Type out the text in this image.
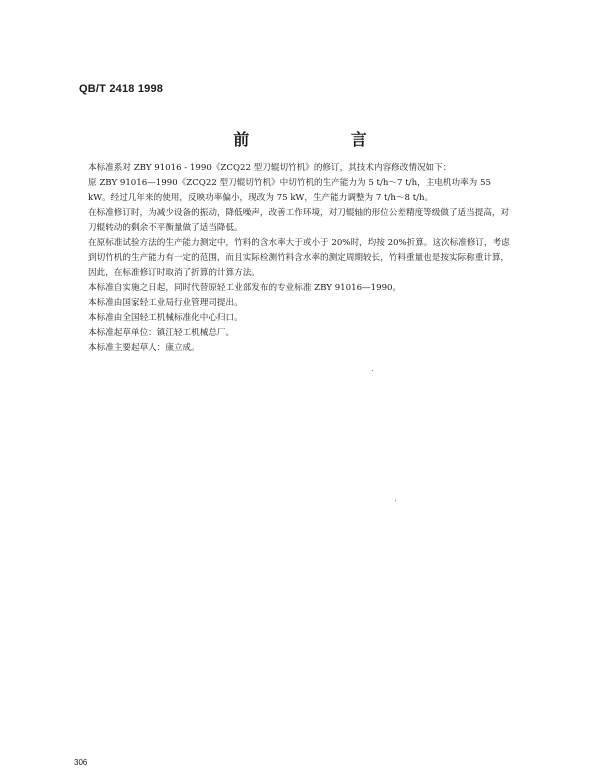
QB/T 2418 1998
前 言

本标准系对 ZBY 91016 - 1990《ZCQ22 型刀辊切竹机》的修订，其技术内容修改情况如下：

原 ZBY 91016—1990《ZCQ22 型刀辊切竹机》中切竹机的生产能力为 5 t/h～7 t/h，主电机功率为 55 kW。经过几年来的使用，反映功率偏小，现改为 75 kW，生产能力调整为 7 t/h～8 t/h。

在标准修订时，为减少设备的振动，降低噪声，改善工作环境，对刀辊轴的形位公差精度等级做了适当提高，对刀辊转动的剩余不平衡量做了适当降低。

在原标准试验方法的生产能力测定中，竹料的含水率大于或小于 20%时，均按 20%折算。这次标准修订，考虑到切竹机的生产能力有一定的范围，而且实际检测竹料含水率的测定周期较长，竹料重量也是按实际称重计算，因此，在标准修订时取消了折算的计算方法。

本标准自实施之日起，同时代替原轻工业部发布的专业标准 ZBY 91016—1990。

本标准由国家轻工业局行业管理司提出。

本标准由全国轻工机械标准化中心归口。

本标准起草单位：镇江轻工机械总厂。

本标准主要起草人：康立成。

306
